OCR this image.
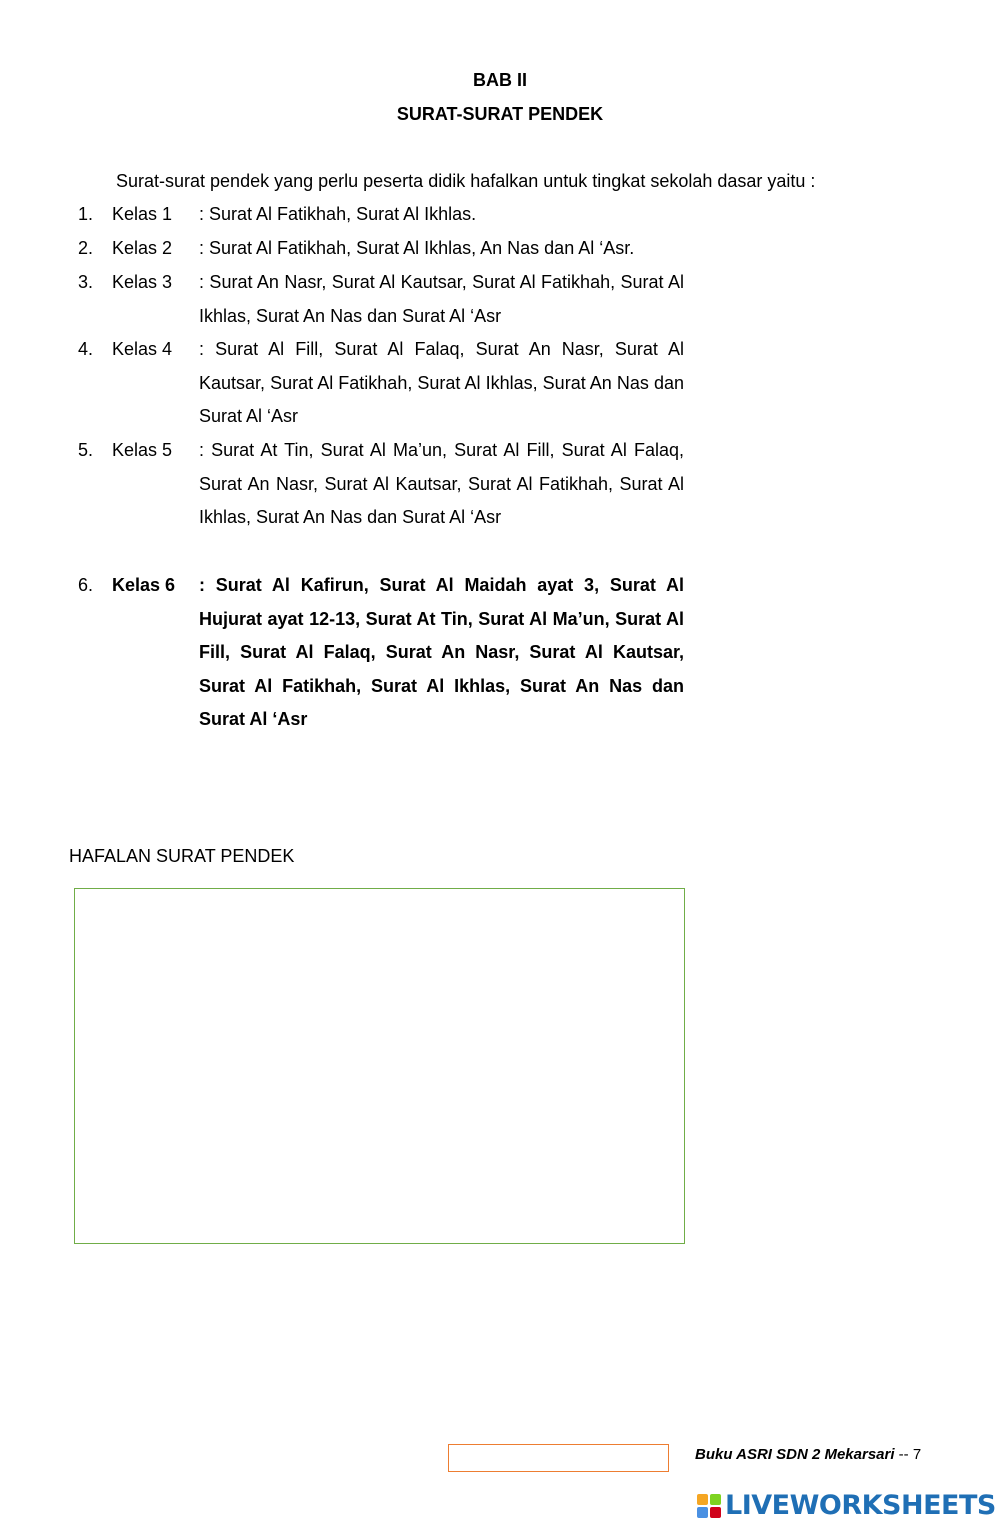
BAB II
SURAT-SURAT PENDEK
Surat-surat pendek yang perlu peserta didik hafalkan untuk tingkat sekolah dasar yaitu :
1. Kelas 1 : Surat Al Fatikhah, Surat Al Ikhlas.
2. Kelas 2 : Surat Al Fatikhah, Surat Al Ikhlas, An Nas dan Al ‘Asr.
3. Kelas 3 : Surat An Nasr, Surat Al Kautsar, Surat Al Fatikhah, Surat Al Ikhlas, Surat An Nas dan Surat Al ‘Asr
4. Kelas 4 : Surat Al Fill, Surat Al Falaq, Surat An Nasr, Surat Al Kautsar, Surat Al Fatikhah, Surat Al Ikhlas, Surat An Nas dan Surat Al ‘Asr
5. Kelas 5 : Surat At Tin, Surat Al Ma’un, Surat Al Fill, Surat Al Falaq, Surat An Nasr, Surat Al Kautsar, Surat Al Fatikhah, Surat Al Ikhlas, Surat An Nas dan Surat Al ‘Asr
6. Kelas 6 : Surat Al Kafirun, Surat Al Maidah ayat 3, Surat Al Hujurat ayat 12-13, Surat At Tin, Surat Al Ma’un, Surat Al Fill, Surat Al Falaq, Surat An Nasr, Surat Al Kautsar, Surat Al Fatikhah, Surat Al Ikhlas, Surat An Nas dan Surat Al ‘Asr
HAFALAN SURAT PENDEK
Buku ASRI SDN 2 Mekarsari -- 7
LIVEWORKSHEETS
